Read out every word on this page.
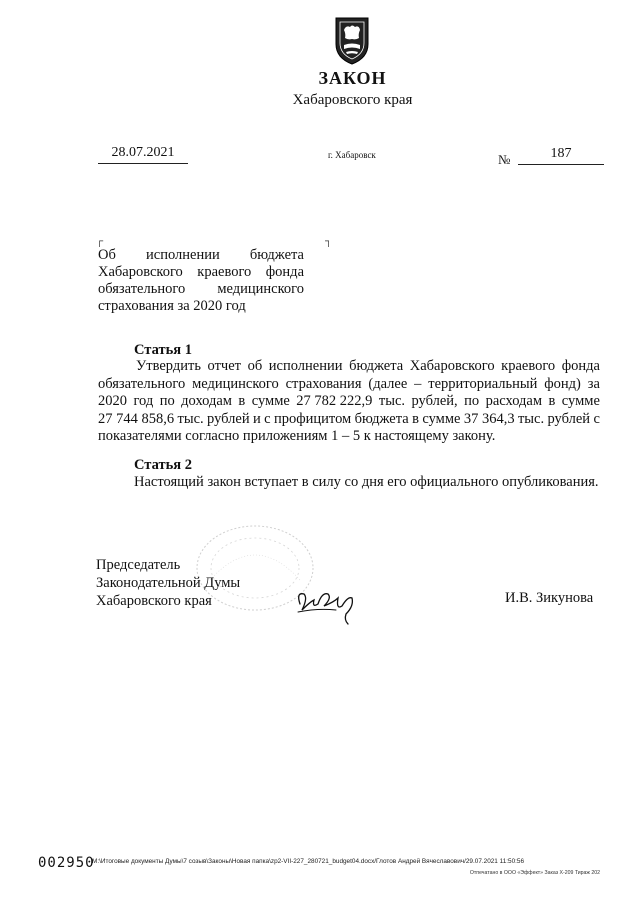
ЗАКОН
Хабаровского края
28.07.2021	г. Хабаровск	№	187
┌	┐
Об исполнении бюджета
Хабаровского краевого фонда
обязательного медицинского
страхования за 2020 год
Статья 1
Утвердить отчет об исполнении бюджета Хабаровского краевого фонда
обязательного медицинского страхования (далее – территориальный фонд) за
2020 год по доходам в сумме 27 782 222,9 тыс. рублей, по расходам в сумме
27 744 858,6 тыс. рублей и с профицитом бюджета в сумме 37 364,3 тыс. рублей с
показателями согласно приложениям 1 – 5 к настоящему закону.
Статья 2
Настоящий закон вступает в силу со дня его официального опубликования.
Председатель
Законодательной Думы
Хабаровского края	И.В. Зикунова
002950
M:\Итоговые документы Думы\7 созыв\Законы\Новая папка\zp2-VII-227_280721_budget04.docx/Глотов Андрей Вячеславович/29.07.2021 11:50:56
Отпечатано в ООО «Эффект» Заказ Х-209 Тираж 202
